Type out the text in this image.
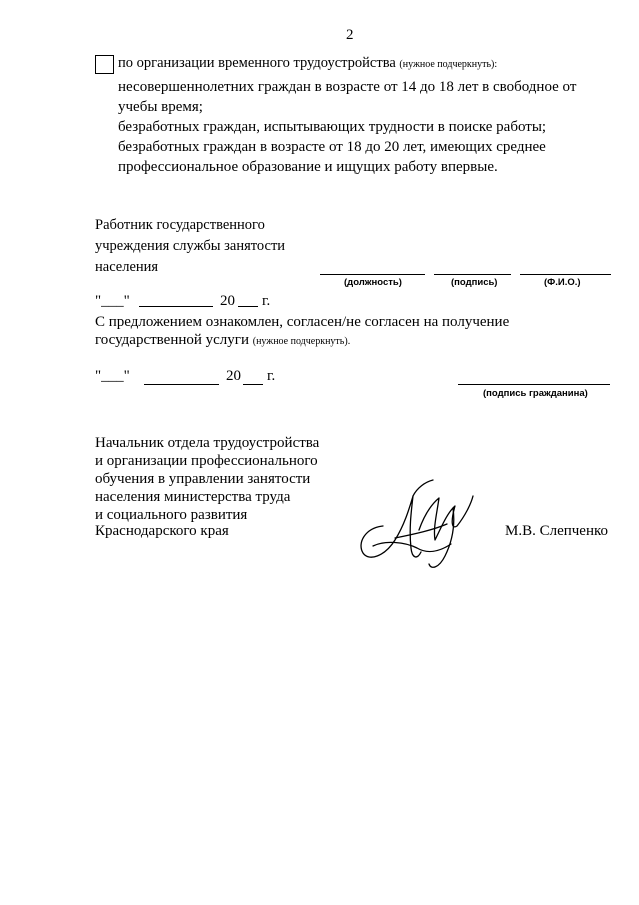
2
по организации временного трудоустройства (нужное подчеркнуть):
несовершеннолетних граждан в возрасте от 14 до 18 лет в свободное от
учебы время;
безработных граждан, испытывающих трудности в поиске работы;
безработных граждан в возрасте от 18 до 20 лет, имеющих среднее
профессиональное образование и ищущих работу впервые.
Работник государственного
учреждения службы занятости
населения
(должность)	(подпись)	(Ф.И.О.)
"___"	20 г.
С предложением ознакомлен, согласен/не согласен на получение
государственной услуги (нужное подчеркнуть).
"___"	20 г.
(подпись гражданина)
Начальник отдела трудоустройства
и организации профессионального
обучения в управлении занятости
населения министерства труда
и социального развития
Краснодарского края	М.В. Слепченко
